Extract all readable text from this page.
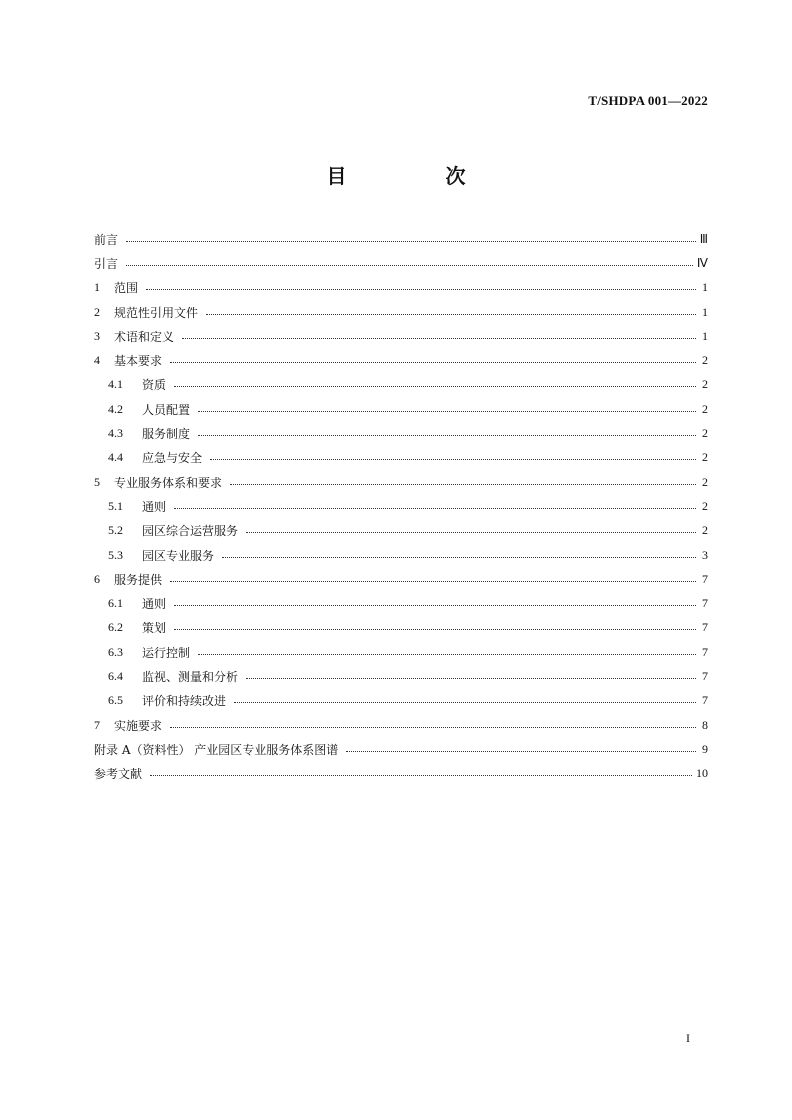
T/SHDPA 001—2022
目 次
前言	Ⅲ
引言	Ⅳ
1	范围	1
2	规范性引用文件	1
3	术语和定义	1
4	基本要求	2
4.1	资质	2
4.2	人员配置	2
4.3	服务制度	2
4.4	应急与安全	2
5	专业服务体系和要求	2
5.1	通则	2
5.2	园区综合运营服务	2
5.3	园区专业服务	3
6	服务提供	7
6.1	通则	7
6.2	策划	7
6.3	运行控制	7
6.4	监视、测量和分析	7
6.5	评价和持续改进	7
7	实施要求	8
附录 A（资料性） 产业园区专业服务体系图谱	9
参考文献	10
I
